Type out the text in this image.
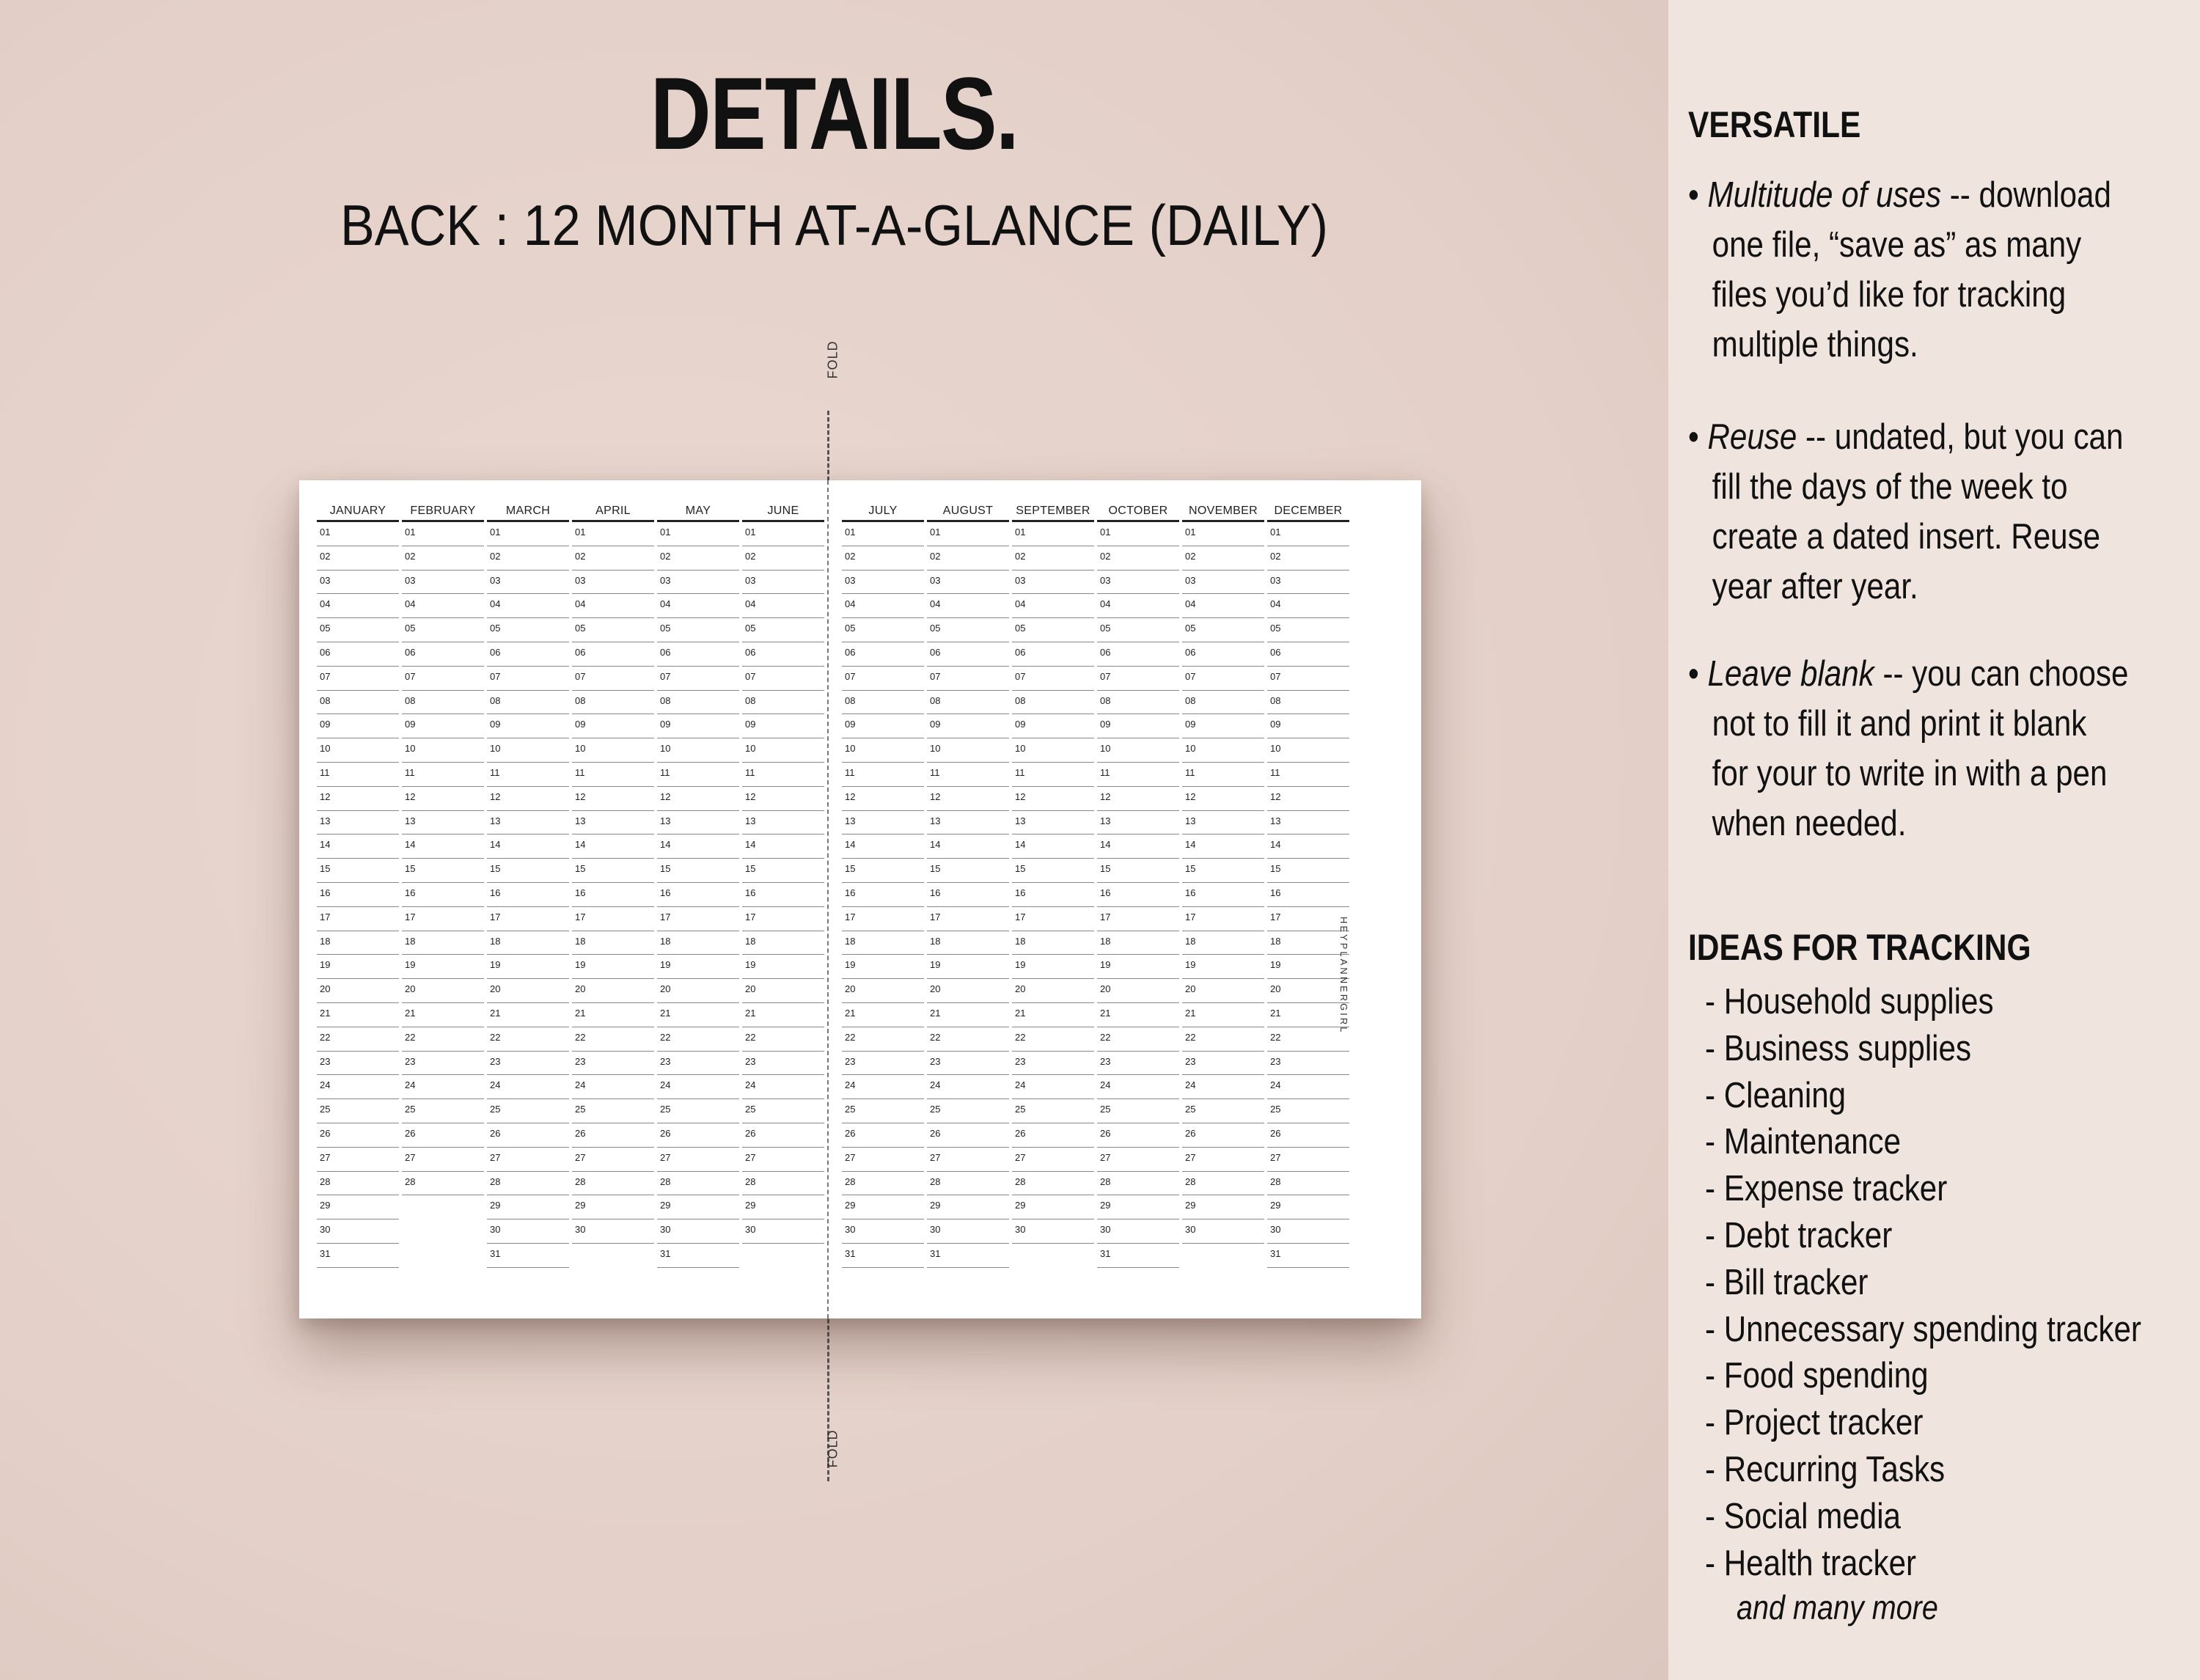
DETAILS.
BACK : 12 MONTH AT-A-GLANCE (DAILY)
FOLD
FOLD
JANUARY
01
02
03
04
05
06
07
08
09
10
11
12
13
14
15
16
17
18
19
20
21
22
23
24
25
26
27
28
29
30
31
FEBRUARY
01
02
03
04
05
06
07
08
09
10
11
12
13
14
15
16
17
18
19
20
21
22
23
24
25
26
27
28
MARCH
01
02
03
04
05
06
07
08
09
10
11
12
13
14
15
16
17
18
19
20
21
22
23
24
25
26
27
28
29
30
31
APRIL
01
02
03
04
05
06
07
08
09
10
11
12
13
14
15
16
17
18
19
20
21
22
23
24
25
26
27
28
29
30
MAY
01
02
03
04
05
06
07
08
09
10
11
12
13
14
15
16
17
18
19
20
21
22
23
24
25
26
27
28
29
30
31
JUNE
01
02
03
04
05
06
07
08
09
10
11
12
13
14
15
16
17
18
19
20
21
22
23
24
25
26
27
28
29
30
JULY
01
02
03
04
05
06
07
08
09
10
11
12
13
14
15
16
17
18
19
20
21
22
23
24
25
26
27
28
29
30
31
AUGUST
01
02
03
04
05
06
07
08
09
10
11
12
13
14
15
16
17
18
19
20
21
22
23
24
25
26
27
28
29
30
31
SEPTEMBER
01
02
03
04
05
06
07
08
09
10
11
12
13
14
15
16
17
18
19
20
21
22
23
24
25
26
27
28
29
30
OCTOBER
01
02
03
04
05
06
07
08
09
10
11
12
13
14
15
16
17
18
19
20
21
22
23
24
25
26
27
28
29
30
31
NOVEMBER
01
02
03
04
05
06
07
08
09
10
11
12
13
14
15
16
17
18
19
20
21
22
23
24
25
26
27
28
29
30
DECEMBER
01
02
03
04
05
06
07
08
09
10
11
12
13
14
15
16
17
18
19
20
21
22
23
24
25
26
27
28
29
30
31
HEYPLANNERGIRL
VERSATILE
• Multitude of uses -- download
one file, “save as” as many
files you’d like for tracking
multiple things.
• Reuse -- undated, but you can
fill the days of the week to
create a dated insert. Reuse
year after year.
• Leave blank -- you can choose
not to fill it and print it blank
for your to write in with a pen
when needed.
IDEAS FOR TRACKING
- Household supplies
- Business supplies
- Cleaning
- Maintenance
- Expense tracker
- Debt tracker
- Bill tracker
- Unnecessary spending tracker
- Food spending
- Project tracker
- Recurring Tasks
- Social media
- Health tracker

and many more
